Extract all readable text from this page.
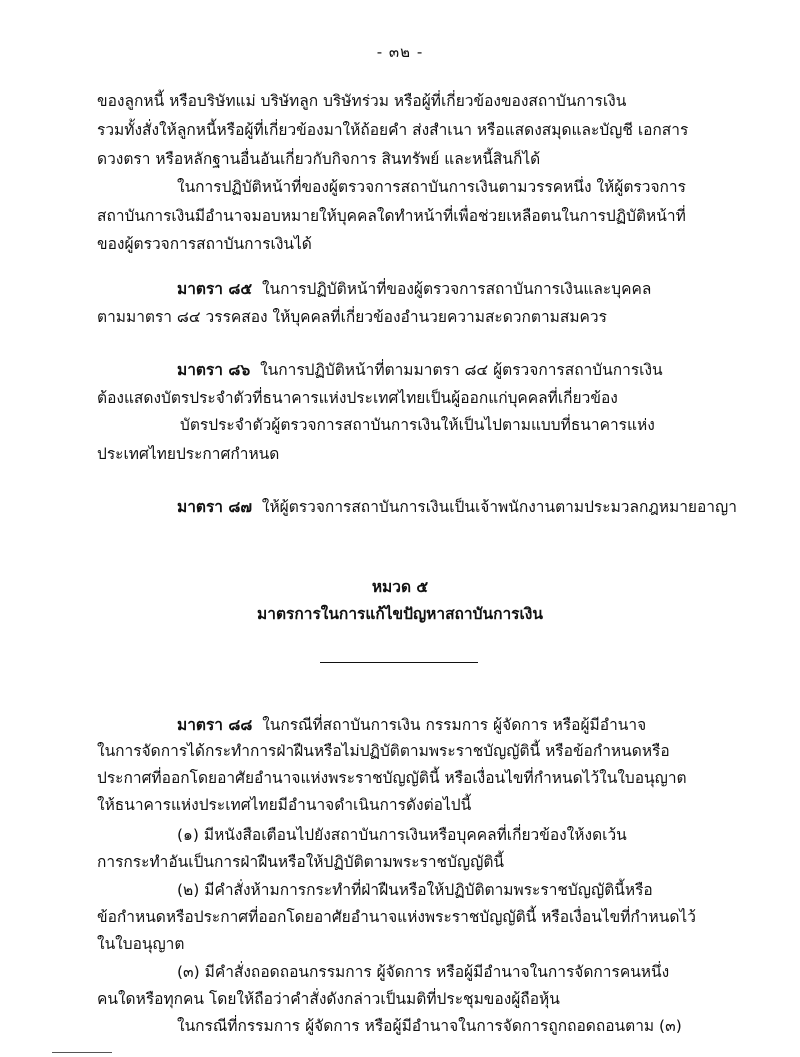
- ๓๒ -
ของลูกหนี้ หรือบริษัทแม่ บริษัทลูก บริษัทร่วม หรือผู้ที่เกี่ยวข้องของสถาบันการเงิน
รวมทั้งสั่งให้ลูกหนี้หรือผู้ที่เกี่ยวข้องมาให้ถ้อยคำ ส่งสำเนา หรือแสดงสมุดและบัญชี เอกสาร
ดวงตรา หรือหลักฐานอื่นอันเกี่ยวกับกิจการ สินทรัพย์ และหนี้สินก็ได้
ในการปฏิบัติหน้าที่ของผู้ตรวจการสถาบันการเงินตามวรรคหนึ่ง ให้ผู้ตรวจการ
สถาบันการเงินมีอำนาจมอบหมายให้บุคคลใดทำหน้าที่เพื่อช่วยเหลือตนในการปฏิบัติหน้าที่
ของผู้ตรวจการสถาบันการเงินได้
มาตรา ๘๕ ในการปฏิบัติหน้าที่ของผู้ตรวจการสถาบันการเงินและบุคคล
ตามมาตรา ๘๔ วรรคสอง ให้บุคคลที่เกี่ยวข้องอำนวยความสะดวกตามสมควร
มาตรา ๘๖ ในการปฏิบัติหน้าที่ตามมาตรา ๘๔ ผู้ตรวจการสถาบันการเงิน
ต้องแสดงบัตรประจำตัวที่ธนาคารแห่งประเทศไทยเป็นผู้ออกแก่บุคคลที่เกี่ยวข้อง
บัตรประจำตัวผู้ตรวจการสถาบันการเงินให้เป็นไปตามแบบที่ธนาคารแห่ง
ประเทศไทยประกาศกำหนด
มาตรา ๘๗ ให้ผู้ตรวจการสถาบันการเงินเป็นเจ้าพนักงานตามประมวลกฎหมายอาญา
หมวด ๕
มาตรการในการแก้ไขปัญหาสถาบันการเงิน
มาตรา ๘๘ ในกรณีที่สถาบันการเงิน กรรมการ ผู้จัดการ หรือผู้มีอำนาจ
ในการจัดการได้กระทำการฝ่าฝืนหรือไม่ปฏิบัติตามพระราชบัญญัตินี้ หรือข้อกำหนดหรือ
ประกาศที่ออกโดยอาศัยอำนาจแห่งพระราชบัญญัตินี้ หรือเงื่อนไขที่กำหนดไว้ในใบอนุญาต
ให้ธนาคารแห่งประเทศไทยมีอำนาจดำเนินการดังต่อไปนี้
(๑) มีหนังสือเตือนไปยังสถาบันการเงินหรือบุคคลที่เกี่ยวข้องให้งดเว้น
การกระทำอันเป็นการฝ่าฝืนหรือให้ปฏิบัติตามพระราชบัญญัตินี้
(๒) มีคำสั่งห้ามการกระทำที่ฝ่าฝืนหรือให้ปฏิบัติตามพระราชบัญญัตินี้หรือ
ข้อกำหนดหรือประกาศที่ออกโดยอาศัยอำนาจแห่งพระราชบัญญัตินี้ หรือเงื่อนไขที่กำหนดไว้
ในใบอนุญาต
(๓) มีคำสั่งถอดถอนกรรมการ ผู้จัดการ หรือผู้มีอำนาจในการจัดการคนหนึ่ง
คนใดหรือทุกคน โดยให้ถือว่าคำสั่งดังกล่าวเป็นมติที่ประชุมของผู้ถือหุ้น
ในกรณีที่กรรมการ ผู้จัดการ หรือผู้มีอำนาจในการจัดการถูกถอดถอนตาม (๓)
